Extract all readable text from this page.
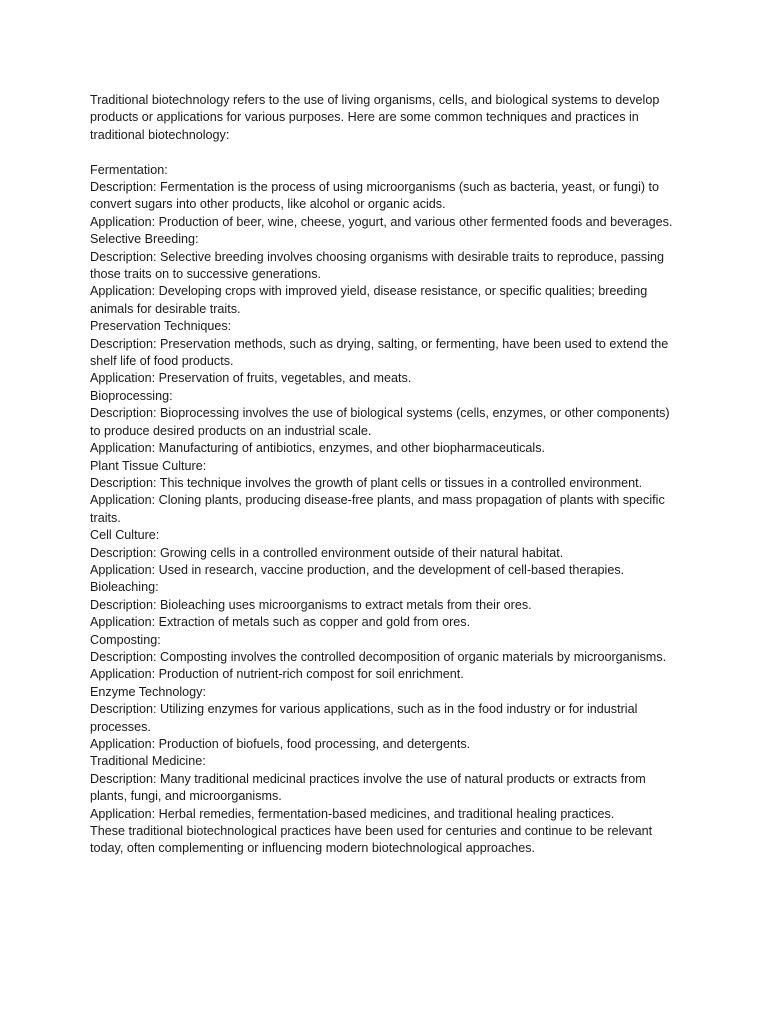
Traditional biotechnology refers to the use of living organisms, cells, and biological systems to develop products or applications for various purposes. Here are some common techniques and practices in traditional biotechnology:

Fermentation:

Description: Fermentation is the process of using microorganisms (such as bacteria, yeast, or fungi) to convert sugars into other products, like alcohol or organic acids.

Application: Production of beer, wine, cheese, yogurt, and various other fermented foods and beverages.

Selective Breeding:

Description: Selective breeding involves choosing organisms with desirable traits to reproduce, passing those traits on to successive generations.

Application: Developing crops with improved yield, disease resistance, or specific qualities; breeding animals for desirable traits.

Preservation Techniques:

Description: Preservation methods, such as drying, salting, or fermenting, have been used to extend the shelf life of food products.

Application: Preservation of fruits, vegetables, and meats.

Bioprocessing:

Description: Bioprocessing involves the use of biological systems (cells, enzymes, or other components) to produce desired products on an industrial scale.

Application: Manufacturing of antibiotics, enzymes, and other biopharmaceuticals.

Plant Tissue Culture:

Description: This technique involves the growth of plant cells or tissues in a controlled environment.

Application: Cloning plants, producing disease-free plants, and mass propagation of plants with specific traits.

Cell Culture:

Description: Growing cells in a controlled environment outside of their natural habitat.

Application: Used in research, vaccine production, and the development of cell-based therapies.

Bioleaching:

Description: Bioleaching uses microorganisms to extract metals from their ores.

Application: Extraction of metals such as copper and gold from ores.

Composting:

Description: Composting involves the controlled decomposition of organic materials by microorganisms.

Application: Production of nutrient-rich compost for soil enrichment.

Enzyme Technology:

Description: Utilizing enzymes for various applications, such as in the food industry or for industrial processes.

Application: Production of biofuels, food processing, and detergents.

Traditional Medicine:

Description: Many traditional medicinal practices involve the use of natural products or extracts from plants, fungi, and microorganisms.

Application: Herbal remedies, fermentation-based medicines, and traditional healing practices.

These traditional biotechnological practices have been used for centuries and continue to be relevant today, often complementing or influencing modern biotechnological approaches.
